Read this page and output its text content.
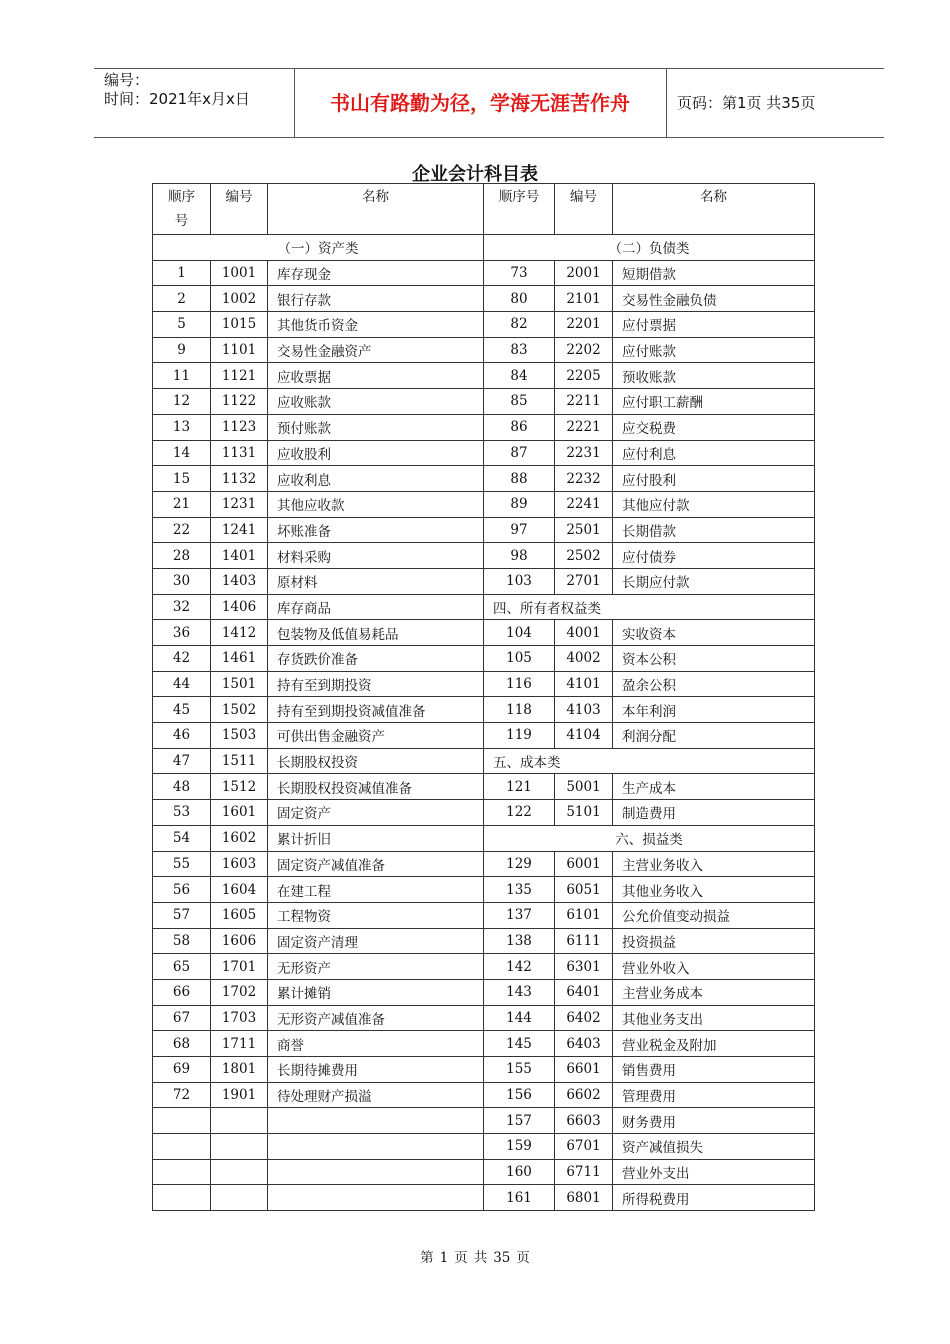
编号：
时间：2021年x月x日	书山有路勤为径，学海无涯苦作舟	页码：第1页 共35页
企业会计科目表
顺序号	编号	名称	顺序号	编号	名称
（一）资产类			（二）负债类		
1	1001	库存现金	73	2001	短期借款
2	1002	银行存款	80	2101	交易性金融负债
5	1015	其他货币资金	82	2201	应付票据
9	1101	交易性金融资产	83	2202	应付账款
11	1121	应收票据	84	2205	预收账款
12	1122	应收账款	85	2211	应付职工薪酬
13	1123	预付账款	86	2221	应交税费
14	1131	应收股利	87	2231	应付利息
15	1132	应收利息	88	2232	应付股利
21	1231	其他应收款	89	2241	其他应付款
22	1241	坏账准备	97	2501	长期借款
28	1401	材料采购	98	2502	应付债券
30	1403	原材料	103	2701	长期应付款
32	1406	库存商品	四、所有者权益类		
36	1412	包装物及低值易耗品	104	4001	实收资本
42	1461	存货跌价准备	105	4002	资本公积
44	1501	持有至到期投资	116	4101	盈余公积
45	1502	持有至到期投资减值准备	118	4103	本年利润
46	1503	可供出售金融资产	119	4104	利润分配
47	1511	长期股权投资	五、成本类		
48	1512	长期股权投资减值准备	121	5001	生产成本
53	1601	固定资产	122	5101	制造费用
54	1602	累计折旧	六、损益类		
55	1603	固定资产减值准备	129	6001	主营业务收入
56	1604	在建工程	135	6051	其他业务收入
57	1605	工程物资	137	6101	公允价值变动损益
58	1606	固定资产清理	138	6111	投资损益
65	1701	无形资产	142	6301	营业外收入
66	1702	累计摊销	143	6401	主营业务成本
67	1703	无形资产减值准备	144	6402	其他业务支出
68	1711	商誉	145	6403	营业税金及附加
69	1801	长期待摊费用	155	6601	销售费用
72	1901	待处理财产损溢	156	6602	管理费用
			157	6603	财务费用
			159	6701	资产减值损失
			160	6711	营业外支出
			161	6801	所得税费用
第 1 页 共 35 页
